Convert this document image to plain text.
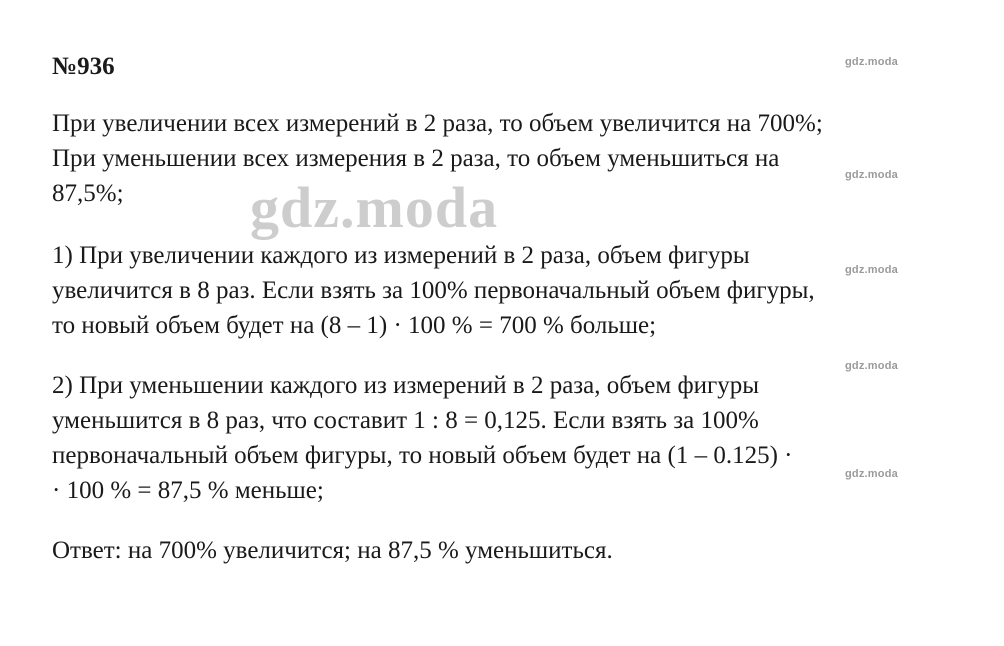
№936
При увеличении всех измерений в 2 раза, то объем увеличится на 700%;
При уменьшении всех измерения в 2 раза, то объем уменьшиться на
87,5%;
1) При увеличении каждого из измерений в 2 раза, объем фигуры
увеличится в 8 раз. Если взять за 100% первоначальный объем фигуры,
то новый объем будет на (8 – 1) · 100 % = 700 % больше;
2) При уменьшении каждого из измерений в 2 раза, объем фигуры
уменьшится в 8 раз, что составит 1 : 8 = 0,125. Если взять за 100%
первоначальный объем фигуры, то новый объем будет на (1 – 0.125) ·
· 100 % = 87,5 % меньше;
Ответ: на 700% увеличится; на 87,5 % уменьшиться.
gdz.moda
gdz.moda
gdz.moda
gdz.moda
gdz.moda
gdz.moda
